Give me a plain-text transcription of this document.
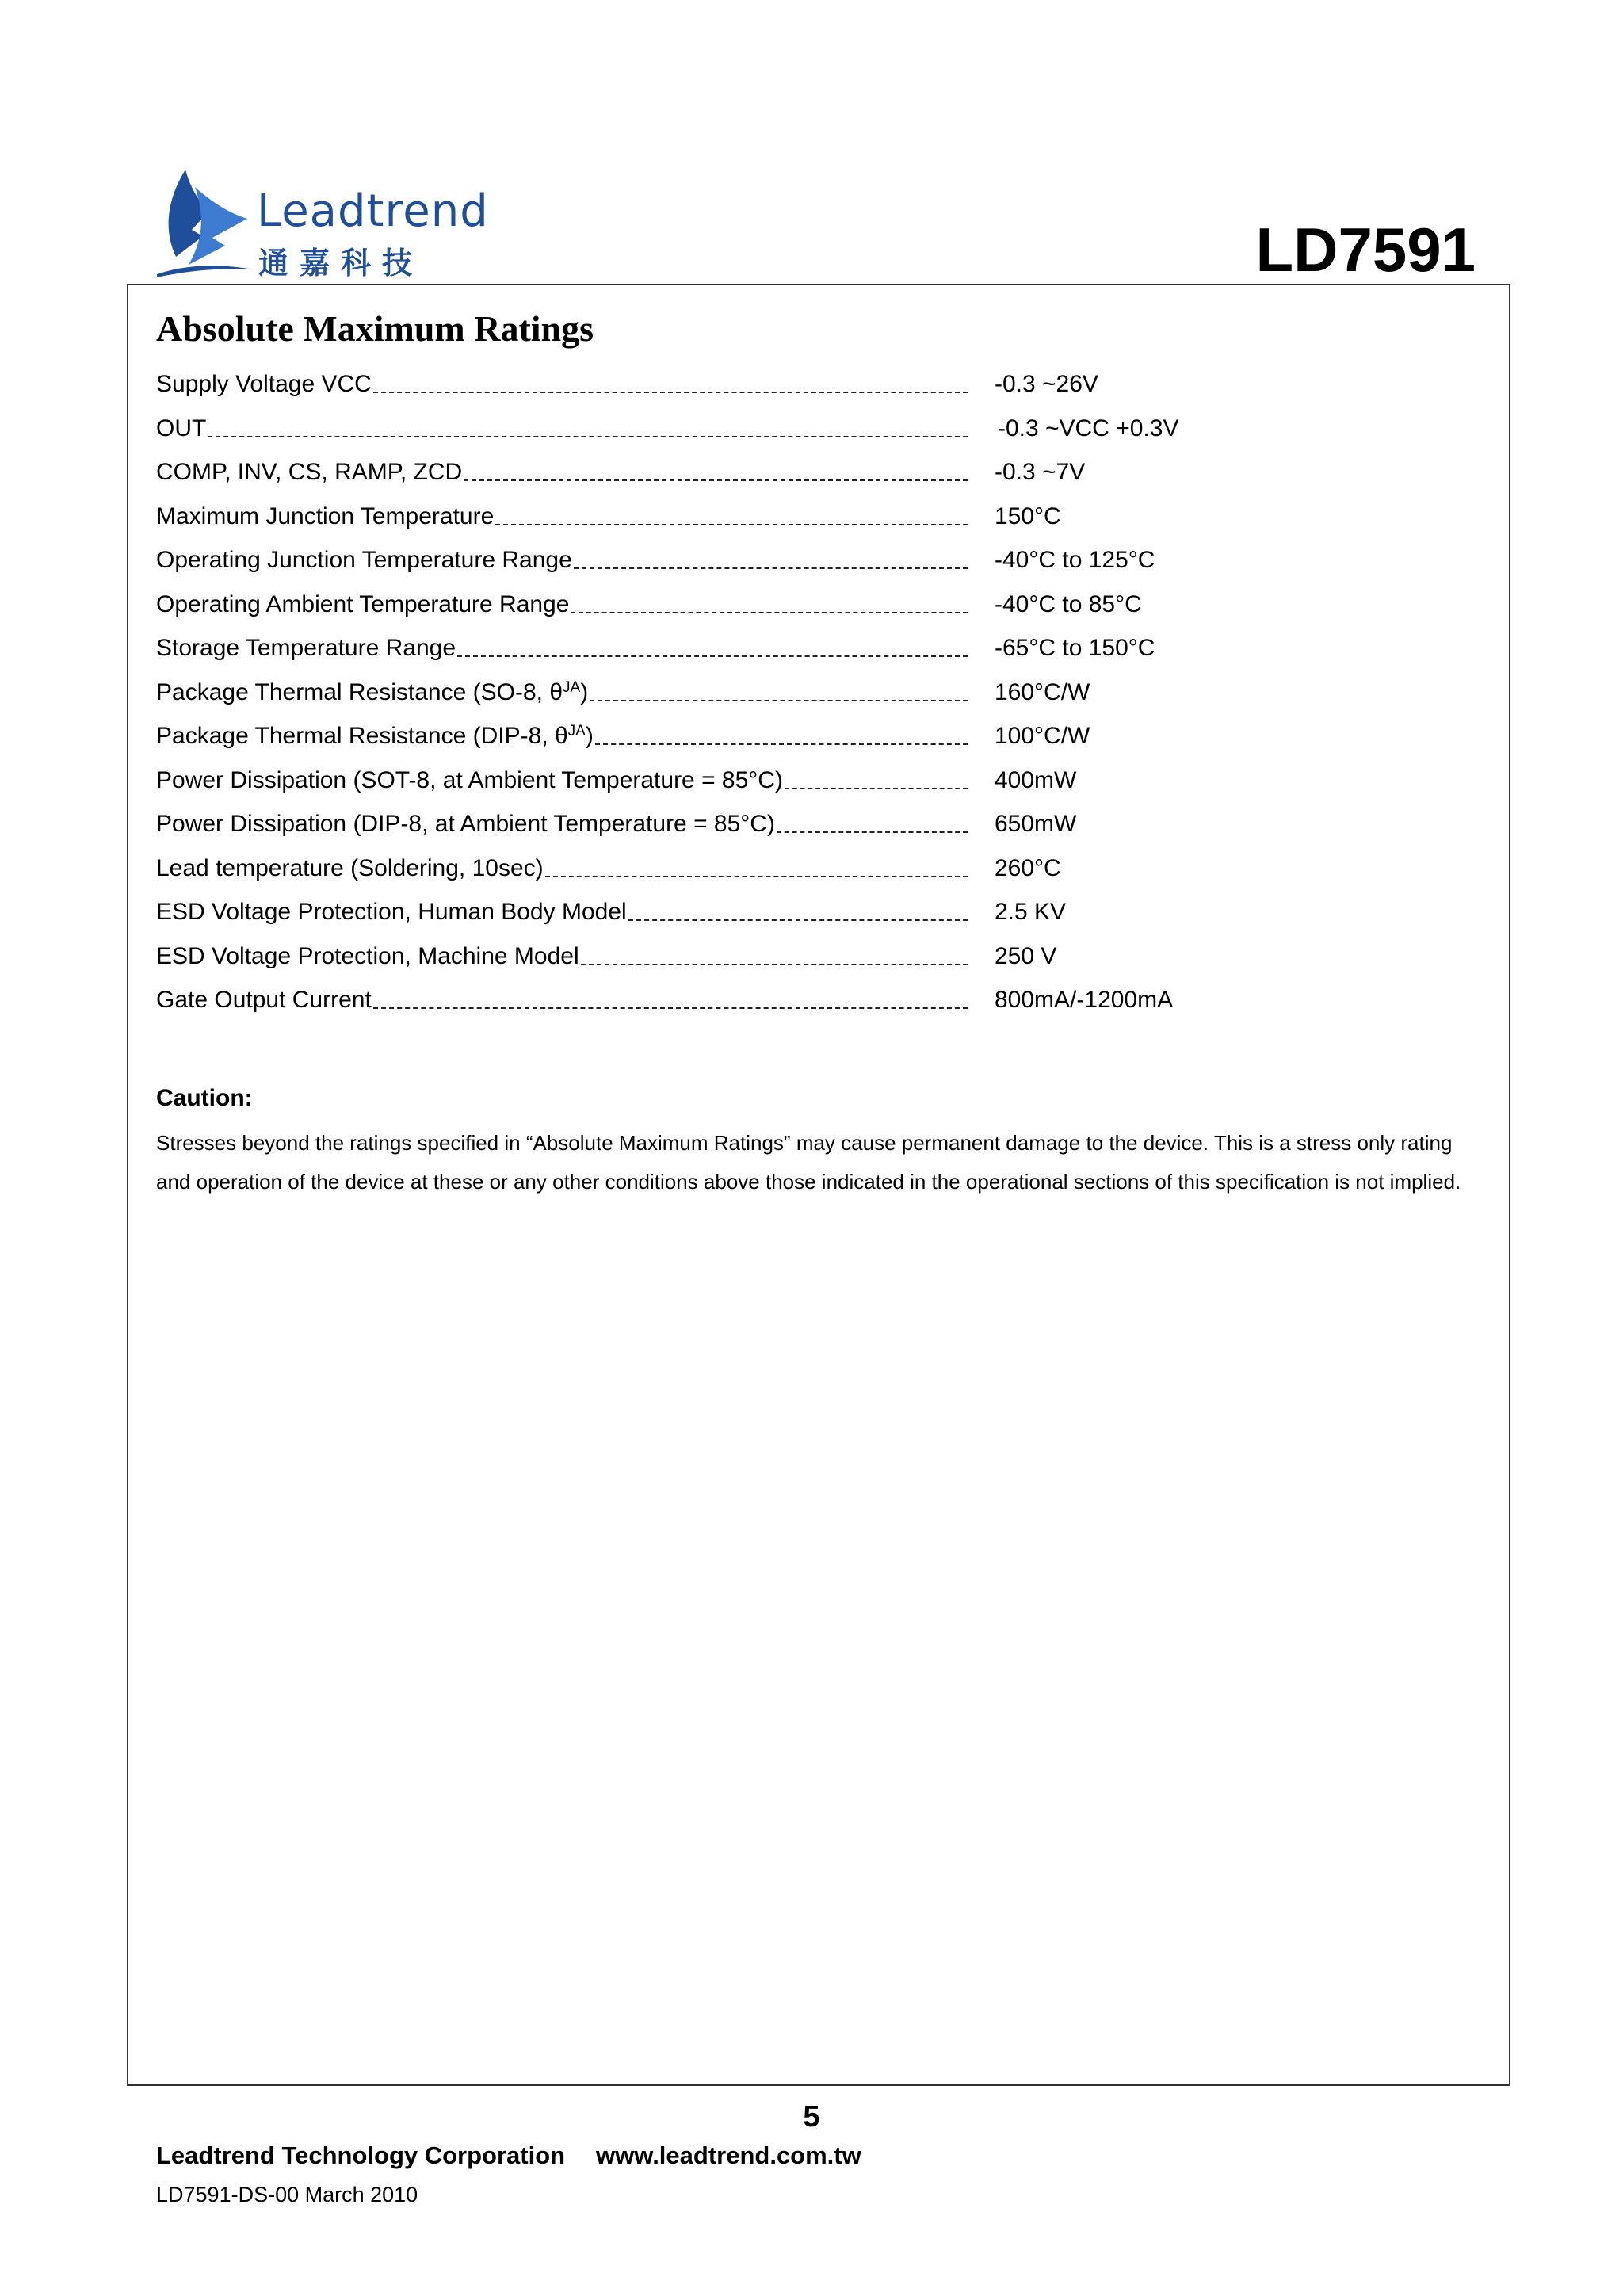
Leadtrend
通嘉科技	LD7591
Absolute Maximum Ratings
Supply Voltage VCC	-0.3 ~26V
OUT	-0.3 ~VCC +0.3V
COMP, INV, CS, RAMP, ZCD	-0.3 ~7V
Maximum Junction Temperature	150°C
Operating Junction Temperature Range	-40°C to 125°C
Operating Ambient Temperature Range	-40°C to 85°C
Storage Temperature Range	-65°C to 150°C
Package Thermal Resistance (SO-8, θ JA )	160°C/W
Package Thermal Resistance (DIP-8, θ JA )	100°C/W
Power Dissipation (SOT-8, at Ambient Temperature = 85°C)	400mW
Power Dissipation (DIP-8, at Ambient Temperature = 85°C)	650mW
Lead temperature (Soldering, 10sec)	260°C
ESD Voltage Protection, Human Body Model	2.5 KV
ESD Voltage Protection, Machine Model	250 V
Gate Output Current	800mA/-1200mA
Caution:
Stresses beyond the ratings specified in “Absolute Maximum Ratings” may cause permanent damage to the device. This is a stress only rating and operation of the device at these or any other conditions above those indicated in the operational sections of this specification is not implied.
5
Leadtrend Technology Corporation www.leadtrend.com.tw
LD7591-DS-00 March 2010
